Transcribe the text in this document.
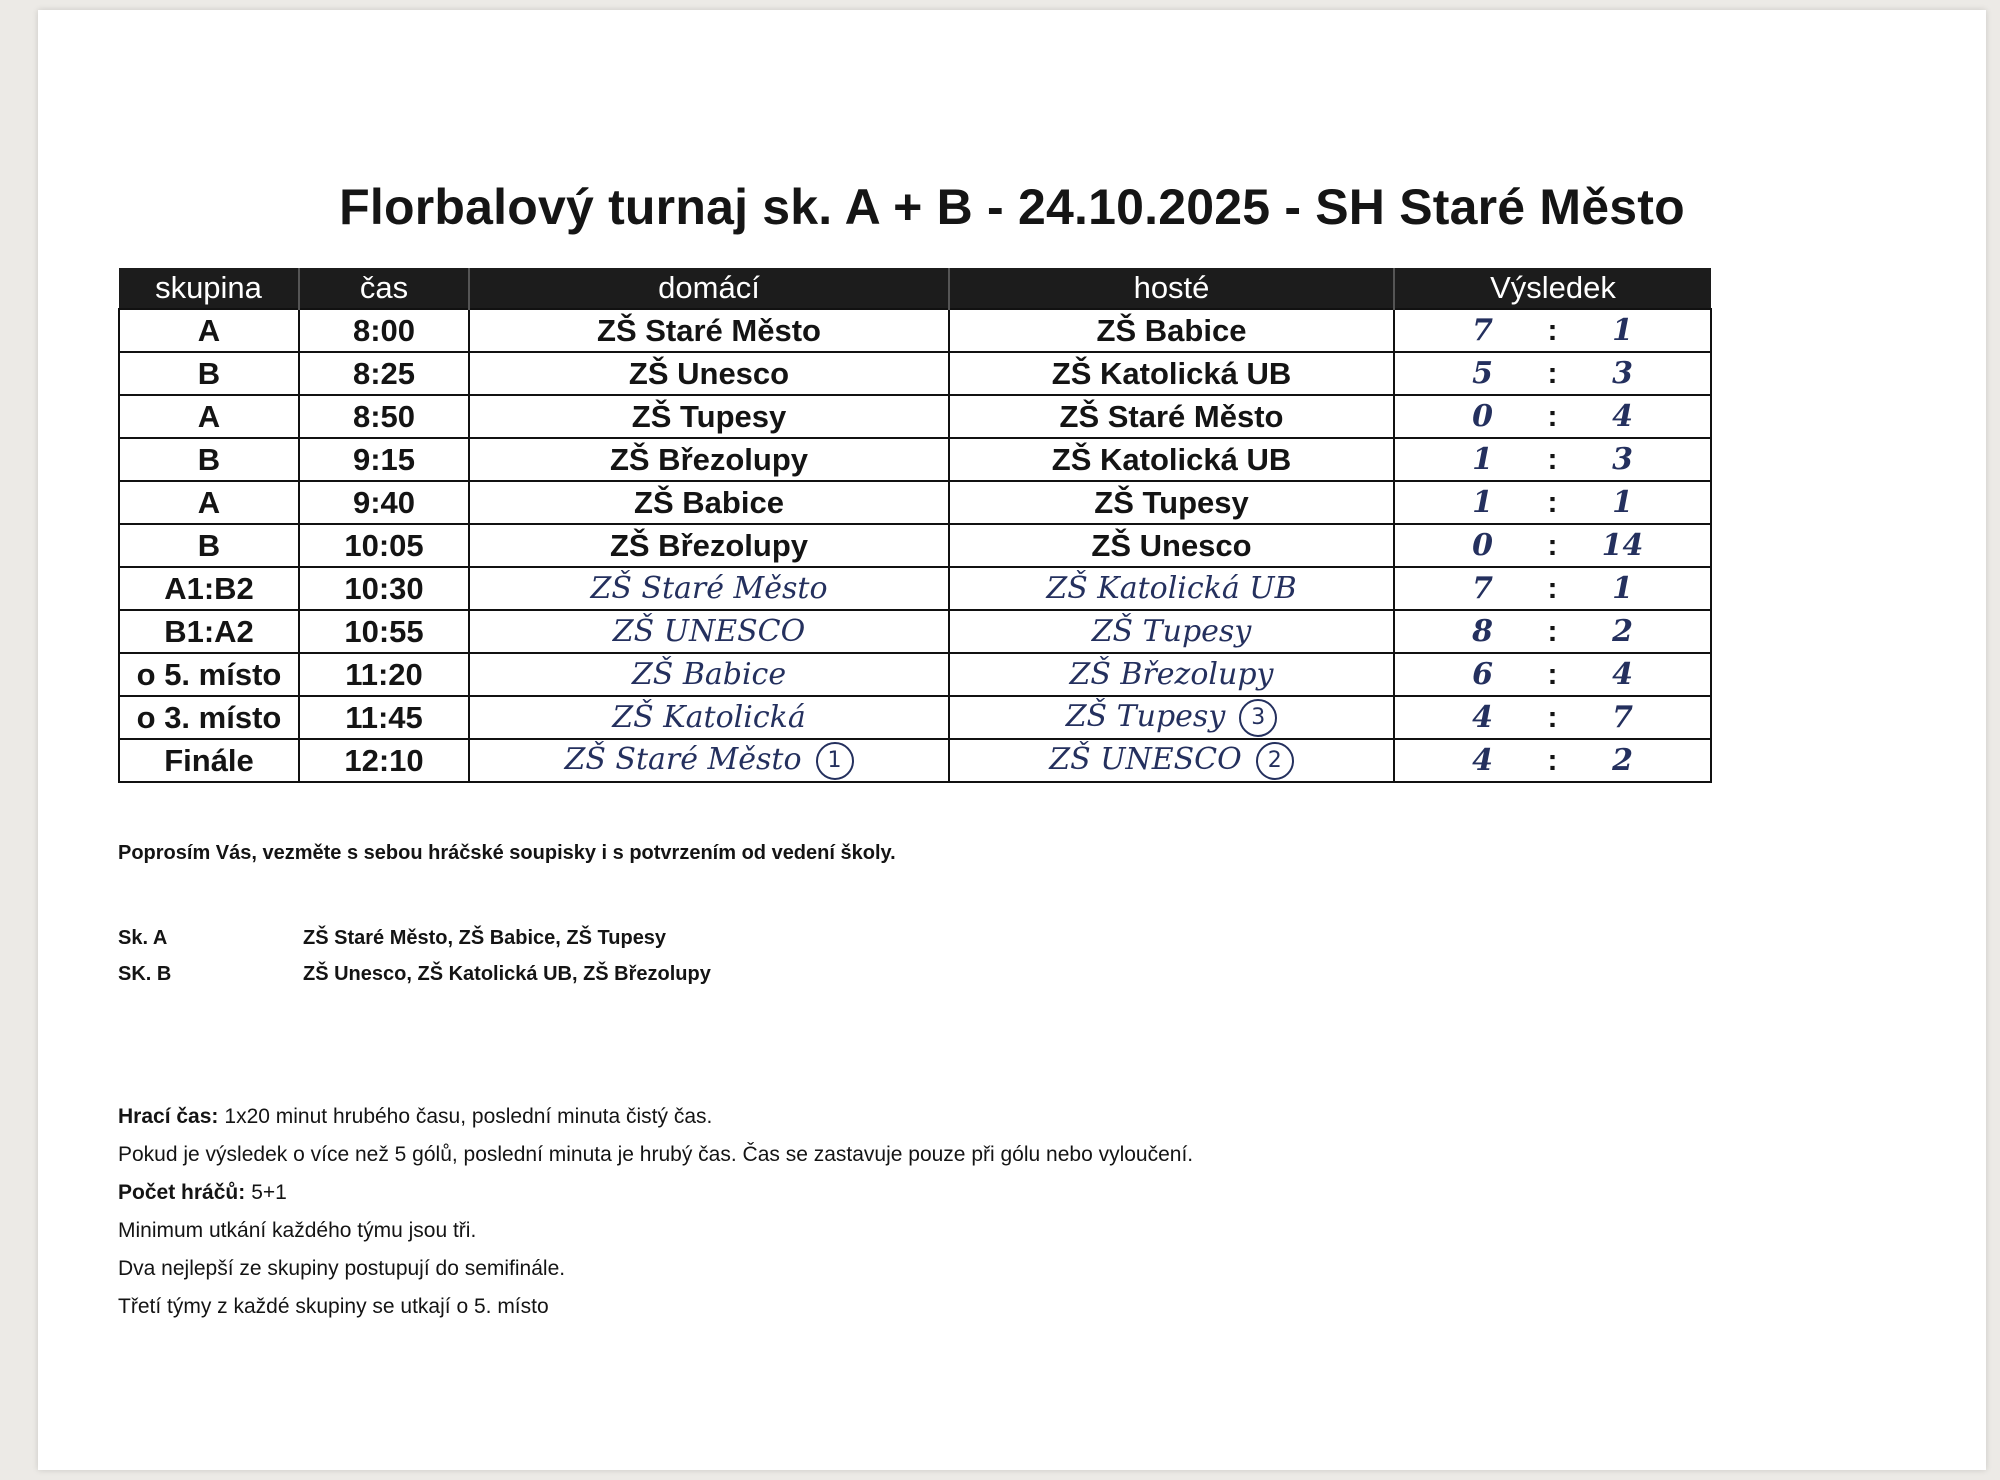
Florbalový turnaj sk. A + B - 24.10.2025 - SH Staré Město
skupina	čas	domácí	hosté	Výsledek
A	8:00	ZŠ Staré Město	ZŠ Babice	7 : 1

B	8:25	ZŠ Unesco	ZŠ Katolická UB	5 : 3

A	8:50	ZŠ Tupesy	ZŠ Staré Město	0 : 4

B	9:15	ZŠ Březolupy	ZŠ Katolická UB	1 : 3

A	9:40	ZŠ Babice	ZŠ Tupesy	1 : 1

B	10:05	ZŠ Březolupy	ZŠ Unesco	0 : 14

A1:B2	10:30	ZŠ Staré Město	ZŠ Katolická UB	7 : 1

B1:A2	10:55	ZŠ UNESCO	ZŠ Tupesy	8 : 2

o 5. místo	11:20	ZŠ Babice	ZŠ Březolupy	6 : 4

o 3. místo	11:45	ZŠ Katolická	ZŠ Tupesy 3	4 : 7

Finále	12:10	ZŠ Staré Město 1	ZŠ UNESCO 2	4 : 2
Poprosím Vás, vezměte s sebou hráčské soupisky i s potvrzením od vedení školy.
Sk. A	ZŠ Staré Město, ZŠ Babice, ZŠ Tupesy
SK. B	ZŠ Unesco, ZŠ Katolická UB, ZŠ Březolupy
Hrací čas: 1x20 minut hrubého času, poslední minuta čistý čas.
Pokud je výsledek o více než 5 gólů, poslední minuta je hrubý čas. Čas se zastavuje pouze při gólu nebo vyloučení.
Počet hráčů: 5+1
Minimum utkání každého týmu jsou tři.
Dva nejlepší ze skupiny postupují do semifinále.
Třetí týmy z každé skupiny se utkají o 5. místo
